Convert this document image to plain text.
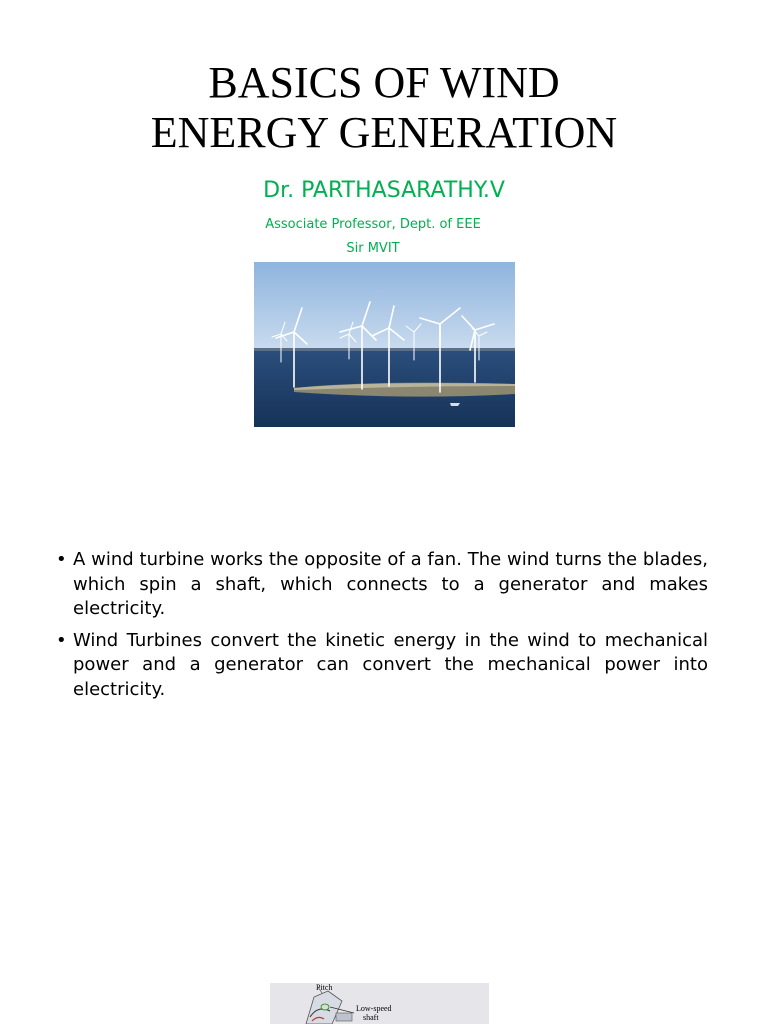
BASICS OF WIND
ENERGY GENERATION
Dr. PARTHASARATHY.V
Associate Professor, Dept. of EEE
Sir MVIT
• A wind turbine works the opposite of a fan. The wind turns the blades, which spin a shaft, which connects to a generator and makes electricity.
• Wind Turbines convert the kinetic energy in the wind to mechanical power and a generator can convert the mechanical power into electricity.
Pitch
Low-speed
shaft
